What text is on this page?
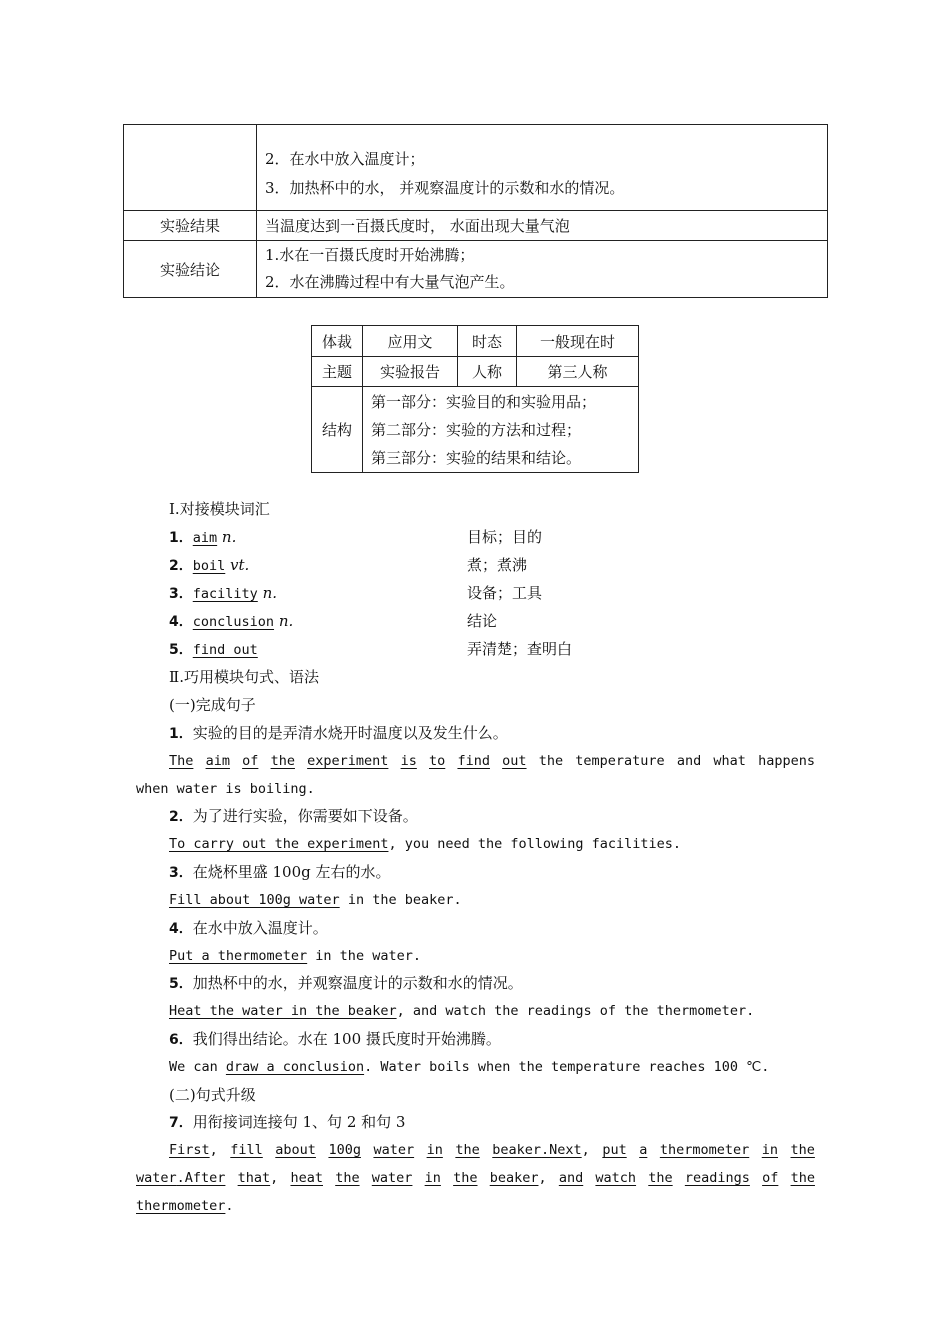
	2．在水中放入温度计；
3．加热杯中的水， 并观察温度计的示数和水的情况。

实验结果	当温度达到一百摄氏度时， 水面出现大量气泡
实验结论	1.水在一百摄氏度时开始沸腾；
2．水在沸腾过程中有大量气泡产生。
体裁	应用文	时态	一般现在时
主题	实验报告	人称	第三人称
结构	第一部分：实验目的和实验用品；
第二部分：实验的方法和过程；
第三部分：实验的结果和结论。		
Ⅰ.对接模块词汇
1．aim n.	目标；目的
2．boil vt.	煮；煮沸
3．facility n.	设备；工具
4．conclusion n.	结论
5．find out	弄清楚；查明白
Ⅱ.巧用模块句式、语法
(一)完成句子
1．实验的目的是弄清水烧开时温度以及发生什么。
The aim of the experiment is to find out the temperature and what happens
when water is boiling.
2．为了进行实验，你需要如下设备。
To carry out the experiment, you need the following facilities.
3．在烧杯里盛 100g 左右的水。
Fill about 100g water in the beaker.
4．在水中放入温度计。
Put a thermometer in the water.
5．加热杯中的水，并观察温度计的示数和水的情况。
Heat the water in the beaker, and watch the readings of the thermometer.
6．我们得出结论。水在 100 摄氏度时开始沸腾。
We can draw a conclusion. Water boils when the temperature reaches 100 ℃.
(二)句式升级
7．用衔接词连接句 1、句 2 和句 3
First, fill about 100g water in the beaker.Next, put a thermometer in the
water.After that, heat the water in the beaker, and watch the readings of the
thermometer.
